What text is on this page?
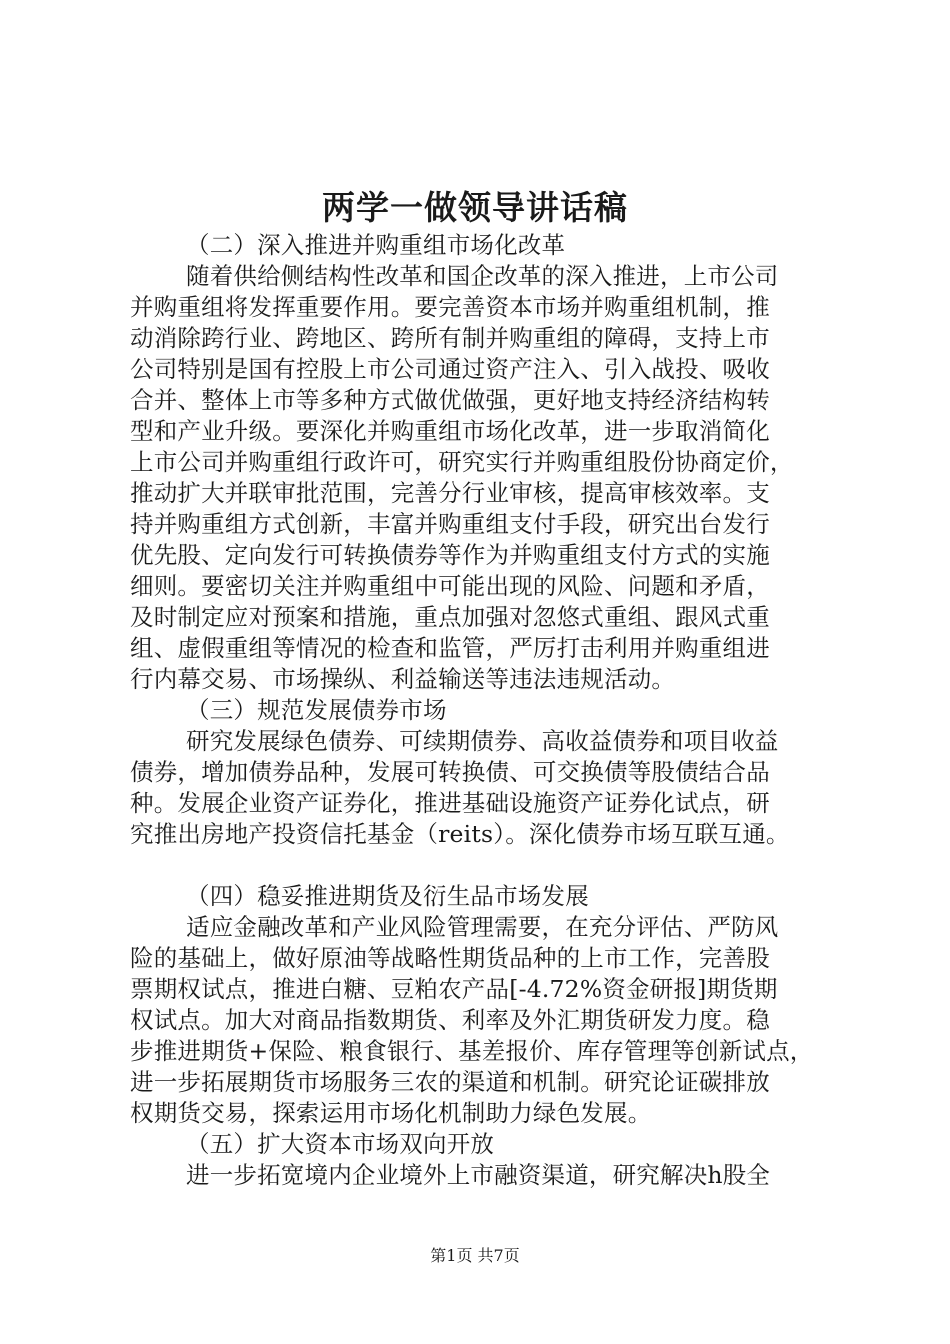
两学一做领导讲话稿
（二）深入推进并购重组市场化改革
随着供给侧结构性改革和国企改革的深入推进，上市公司
并购重组将发挥重要作用。要完善资本市场并购重组机制，推
动消除跨行业、跨地区、跨所有制并购重组的障碍，支持上市
公司特别是国有控股上市公司通过资产注入、引入战投、吸收
合并、整体上市等多种方式做优做强，更好地支持经济结构转
型和产业升级。要深化并购重组市场化改革，进一步取消简化
上市公司并购重组行政许可，研究实行并购重组股份协商定价，
推动扩大并联审批范围，完善分行业审核，提高审核效率。支
持并购重组方式创新，丰富并购重组支付手段，研究出台发行
优先股、定向发行可转换债券等作为并购重组支付方式的实施
细则。要密切关注并购重组中可能出现的风险、问题和矛盾，
及时制定应对预案和措施，重点加强对忽悠式重组、跟风式重
组、虚假重组等情况的检查和监管，严厉打击利用并购重组进
行内幕交易、市场操纵、利益输送等违法违规活动。
（三）规范发展债券市场
研究发展绿色债券、可续期债券、高收益债券和项目收益
债券，增加债券品种，发展可转换债、可交换债等股债结合品
种。发展企业资产证券化，推进基础设施资产证券化试点，研
究推出房地产投资信托基金（reits）。深化债券市场互联互通。
（四）稳妥推进期货及衍生品市场发展
适应金融改革和产业风险管理需要，在充分评估、严防风
险的基础上，做好原油等战略性期货品种的上市工作，完善股
票期权试点，推进白糖、豆粕农产品[-4.72%资金研报]期货期
权试点。加大对商品指数期货、利率及外汇期货研发力度。稳
步推进期货+保险、粮食银行、基差报价、库存管理等创新试点，
进一步拓展期货市场服务三农的渠道和机制。研究论证碳排放
权期货交易，探索运用市场化机制助力绿色发展。
（五）扩大资本市场双向开放
进一步拓宽境内企业境外上市融资渠道，研究解决h股全
第1页 共7页
